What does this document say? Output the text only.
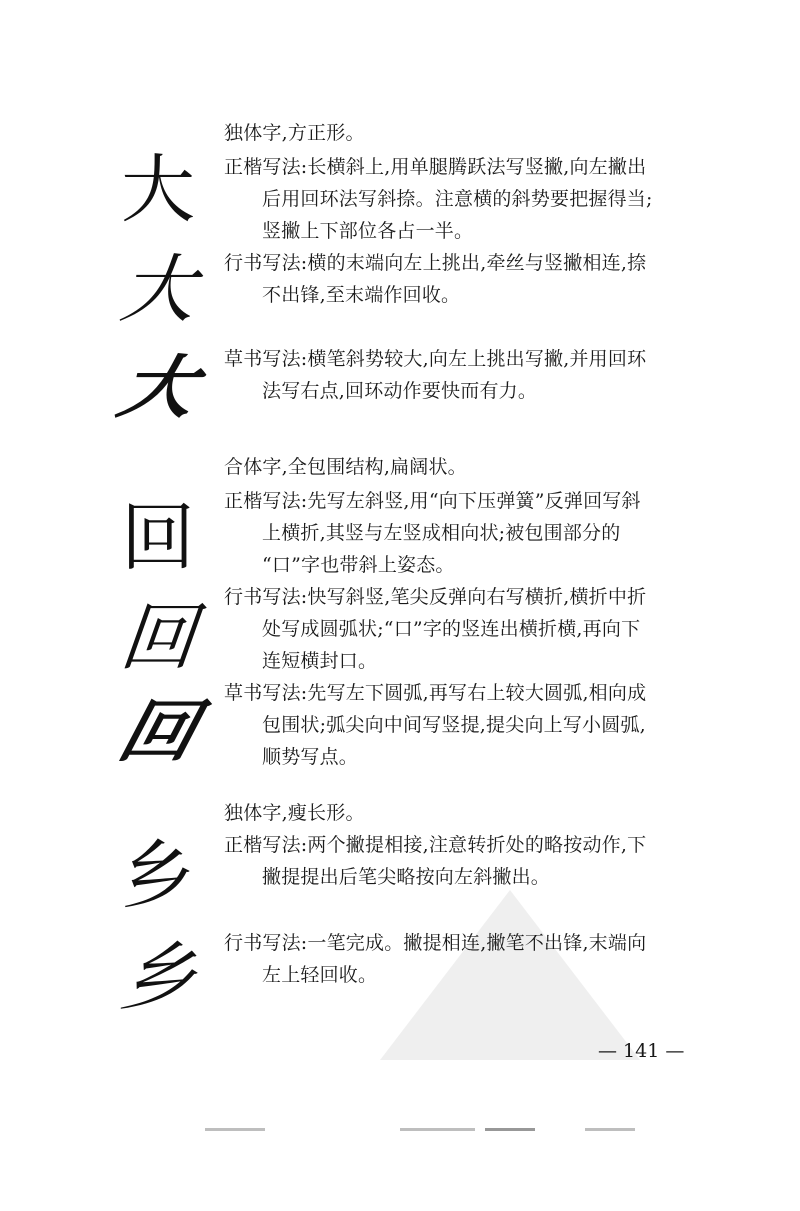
大
大
大
独体字,方正形。
正楷写法:长横斜上,用单腿腾跃法写竖撇,向左撇出
后用回环法写斜捺。注意横的斜势要把握得当;
竖撇上下部位各占一半。
行书写法:横的末端向左上挑出,牵丝与竖撇相连,捺
不出锋,至末端作回收。
草书写法:横笔斜势较大,向左上挑出写撇,并用回环
法写右点,回环动作要快而有力。
回
回
回
合体字,全包围结构,扁阔状。
正楷写法:先写左斜竖,用“向下压弹簧”反弹回写斜
上横折,其竖与左竖成相向状;被包围部分的
“口”字也带斜上姿态。
行书写法:快写斜竖,笔尖反弹向右写横折,横折中折
处写成圆弧状;“口”字的竖连出横折横,再向下
连短横封口。
草书写法:先写左下圆弧,再写右上较大圆弧,相向成
包围状;弧尖向中间写竖提,提尖向上写小圆弧,
顺势写点。
乡
乡
独体字,瘦长形。
正楷写法:两个撇提相接,注意转折处的略按动作,下
撇提提出后笔尖略按向左斜撇出。
行书写法:一笔完成。撇提相连,撇笔不出锋,末端向
左上轻回收。
— 141 —
